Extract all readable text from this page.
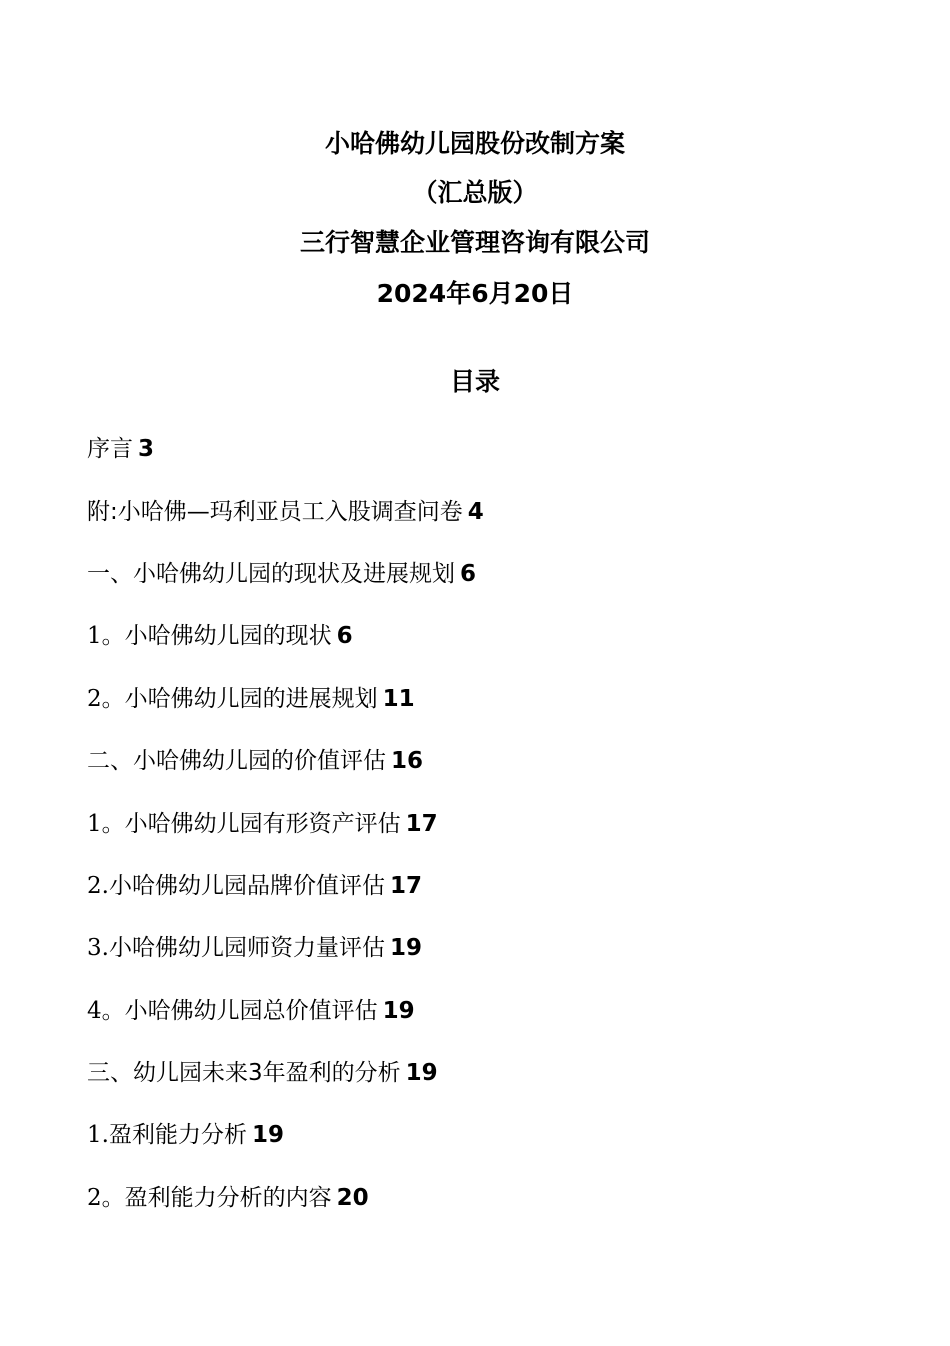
小哈佛幼儿园股份改制方案
（汇总版）
三行智慧企业管理咨询有限公司
2024年6月20日
目录
序言 3
附:小哈佛—玛利亚员工入股调查问卷 4
一、小哈佛幼儿园的现状及进展规划 6
1。小哈佛幼儿园的现状 6
2。小哈佛幼儿园的进展规划 11
二、小哈佛幼儿园的价值评估 16
1。小哈佛幼儿园有形资产评估 17
2.小哈佛幼儿园品牌价值评估 17
3.小哈佛幼儿园师资力量评估 19
4。小哈佛幼儿园总价值评估 19
三、幼儿园未来3年盈利的分析 19
1.盈利能力分析 19
2。盈利能力分析的内容 20
